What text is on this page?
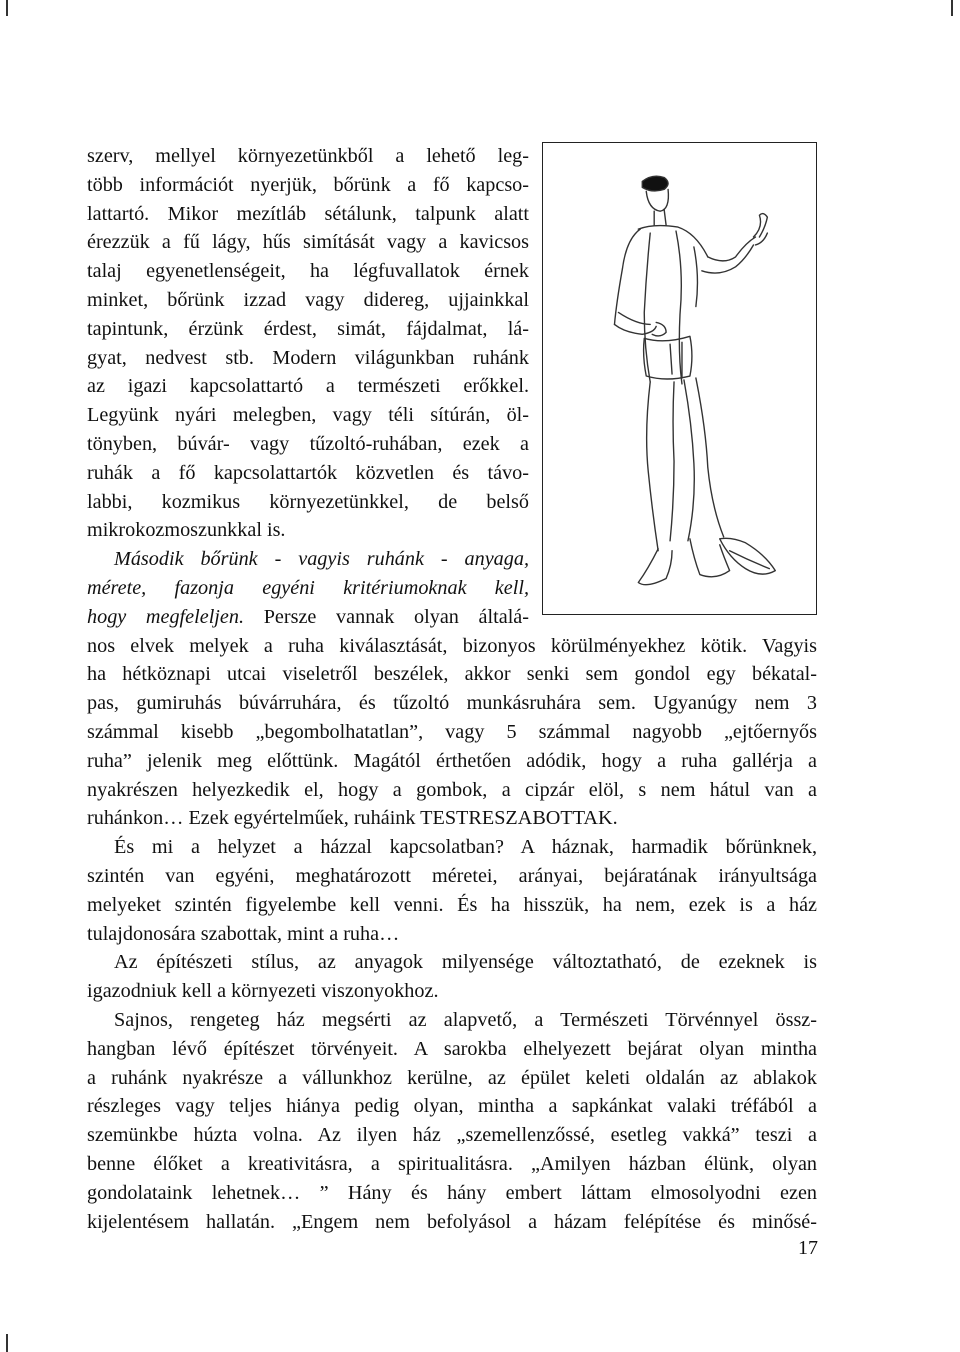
szerv, mellyel környezetünkből a lehető leg-
több információt nyerjük, bőrünk a fő kapcso-
lattartó. Mikor mezítláb sétálunk, talpunk alatt
érezzük a fű lágy, hűs simítását vagy a kavicsos
talaj egyenetlenségeit, ha légfuvallatok érnek
minket, bőrünk izzad vagy didereg, ujjainkkal
tapintunk, érzünk érdest, simát, fájdalmat, lá-
gyat, nedvest stb. Modern világunkban ruhánk
az igazi kapcsolattartó a természeti erőkkel.
Legyünk nyári melegben, vagy téli sítúrán, öl-
tönyben, búvár- vagy tűzoltó-ruhában, ezek a
ruhák a fő kapcsolattartók közvetlen és távo-
labbi, kozmikus környezetünkkel, de belső
mikrokozmoszunkkal is.
Második bőrünk - vagyis ruhánk - anyaga,
mérete, fazonja egyéni kritériumoknak kell,
hogy megfeleljen. Persze vannak olyan általá-
nos elvek melyek a ruha kiválasztását, bizonyos körülményekhez kötik. Vagyis
ha hétköznapi utcai viseletről beszélek, akkor senki sem gondol egy békatal-
pas, gumiruhás búvárruhára, és tűzoltó munkásruhára sem. Ugyanúgy nem 3
számmal kisebb „begombolhatatlan”, vagy 5 számmal nagyobb „ejtőernyős
ruha” jelenik meg előttünk. Magától érthetően adódik, hogy a ruha gallérja a
nyakrészen helyezkedik el, hogy a gombok, a cipzár elöl, s nem hátul van a
ruhánkon… Ezek egyértelműek, ruháink TESTRESZABOTTAK.
És mi a helyzet a házzal kapcsolatban? A háznak, harmadik bőrünknek,
szintén van egyéni, meghatározott méretei, arányai, bejáratának irányultsága
melyeket szintén figyelembe kell venni. És ha hisszük, ha nem, ezek is a ház
tulajdonosára szabottak, mint a ruha…
Az építészeti stílus, az anyagok milyensége változtatható, de ezeknek is
igazodniuk kell a környezeti viszonyokhoz.
Sajnos, rengeteg ház megsérti az alapvető, a Természeti Törvénnyel össz-
hangban lévő építészet törvényeit. A sarokba elhelyezett bejárat olyan mintha
a ruhánk nyakrésze a vállunkhoz kerülne, az épület keleti oldalán az ablakok
részleges vagy teljes hiánya pedig olyan, mintha a sapkánkat valaki tréfából a
szemünkbe húzta volna. Az ilyen ház „szemellenzőssé, esetleg vakká” teszi a
benne élőket a kreativitásra, a spiritualitásra. „Amilyen házban élünk, olyan
gondolataink lehetnek… ” Hány és hány embert láttam elmosolyodni ezen
kijelentésem hallatán. „Engem nem befolyásol a házam felépítése és minősé-
17
